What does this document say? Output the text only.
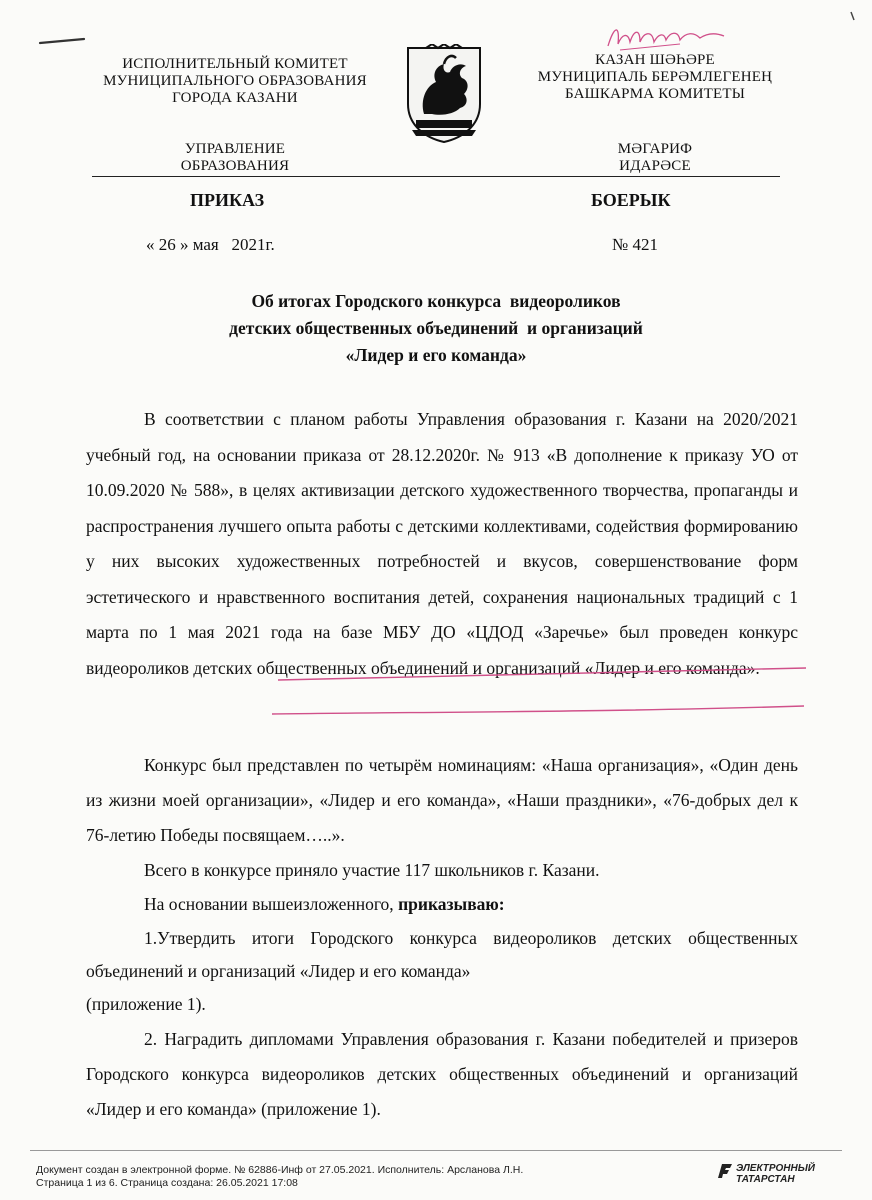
ИСПОЛНИТЕЛЬНЫЙ КОМИТЕТ
МУНИЦИПАЛЬНОГО ОБРАЗОВАНИЯ
ГОРОДА КАЗАНИ
УПРАВЛЕНИЕ
ОБРАЗОВАНИЯ
КАЗАН ШӘҺӘРЕ
МУНИЦИПАЛЬ БЕРӘМЛЕГЕНЕҢ
БАШКАРМА КОМИТЕТЫ
МӘГАРИФ
ИДАРӘСЕ
ПРИКАЗ	БОЕРЫК
« 26 » мая   2021г.	№ 421
Об итогах Городского конкурса  видеороликов
детских общественных объединений  и организаций
«Лидер и его команда»
В соответствии с планом работы Управления образования г. Казани на 2020/2021 учебный год, на основании приказа от 28.12.2020г. № 913 «В дополнение к приказу УО от 10.09.2020 № 588», в целях активизации детского художественного творчества, пропаганды и распространения лучшего опыта работы с детскими коллективами, содействия формированию у них высоких художественных потребностей и вкусов, совершенствование форм эстетического и нравственного воспитания детей, сохранения национальных традиций с 1 марта по 1 мая 2021 года на базе МБУ ДО «ЦДОД «Заречье» был проведен конкурс видеороликов детских общественных объединений и организаций «Лидер и его команда».
Конкурс был представлен по четырём номинациям: «Наша организация», «Один день из жизни моей организации», «Лидер и его команда», «Наши праздники», «76-добрых дел к 76-летию Победы посвящаем…..».
Всего в конкурсе приняло участие 117 школьников г. Казани.
На основании вышеизложенного, приказываю:
1.Утвердить итоги Городского конкурса видеороликов детских общественных объединений и организаций «Лидер и его команда»
(приложение 1).
2. Наградить дипломами Управления образования г. Казани победителей и призеров Городского конкурса видеороликов детских общественных объединений и организаций «Лидер и его команда» (приложение 1).
Документ создан в электронной форме. № 62886-Инф от 27.05.2021. Исполнитель: Арсланова Л.Н.
Страница 1 из 6. Страница создана: 26.05.2021 17:08
ЭЛЕКТРОННЫЙ
ТАТАРСТАН
